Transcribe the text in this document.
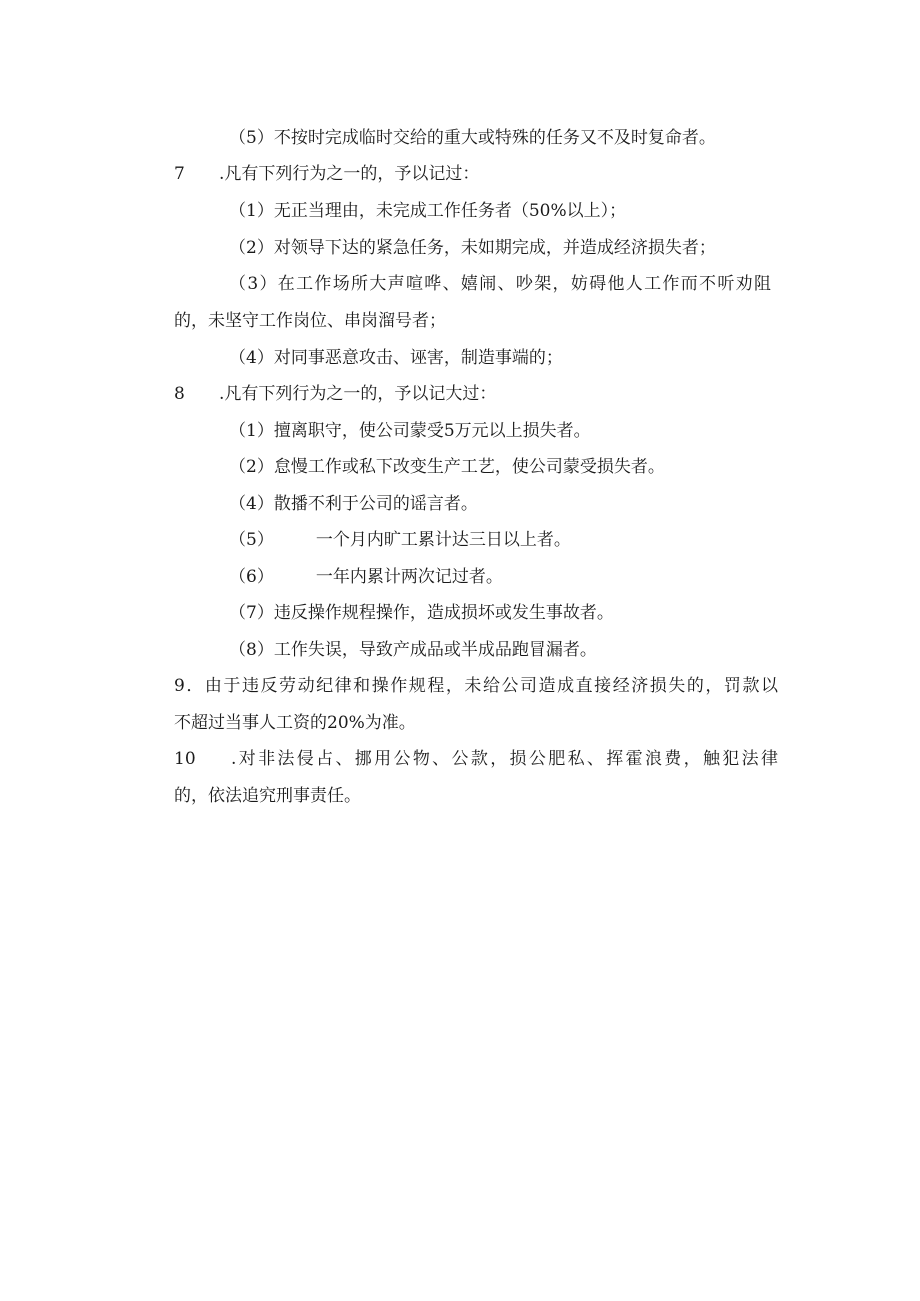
（5）不按时完成临时交给的重大或特殊的任务又不及时复命者。
7 .凡有下列行为之一的，予以记过：
（1）无正当理由，未完成工作任务者（50%以上）；
（2）对领导下达的紧急任务，未如期完成，并造成经济损失者；
（3）在工作场所大声喧哗、嬉闹、吵架，妨碍他人工作而不听劝阻
的，未坚守工作岗位、串岗溜号者；
（4）对同事恶意攻击、诬害，制造事端的；
8 .凡有下列行为之一的，予以记大过：
（1）擅离职守，使公司蒙受5万元以上损失者。
（2）怠慢工作或私下改变生产工艺，使公司蒙受损失者。
（4）散播不利于公司的谣言者。
（5） 一个月内旷工累计达三日以上者。
（6） 一年内累计两次记过者。
（7）违反操作规程操作，造成损坏或发生事故者。
（8）工作失误，导致产成品或半成品跑冒漏者。
9．由于违反劳动纪律和操作规程，未给公司造成直接经济损失的，罚款以
不超过当事人工资的20%为准。
10 .对非法侵占、挪用公物、公款，损公肥私、挥霍浪费，触犯法律
的，依法追究刑事责任。
